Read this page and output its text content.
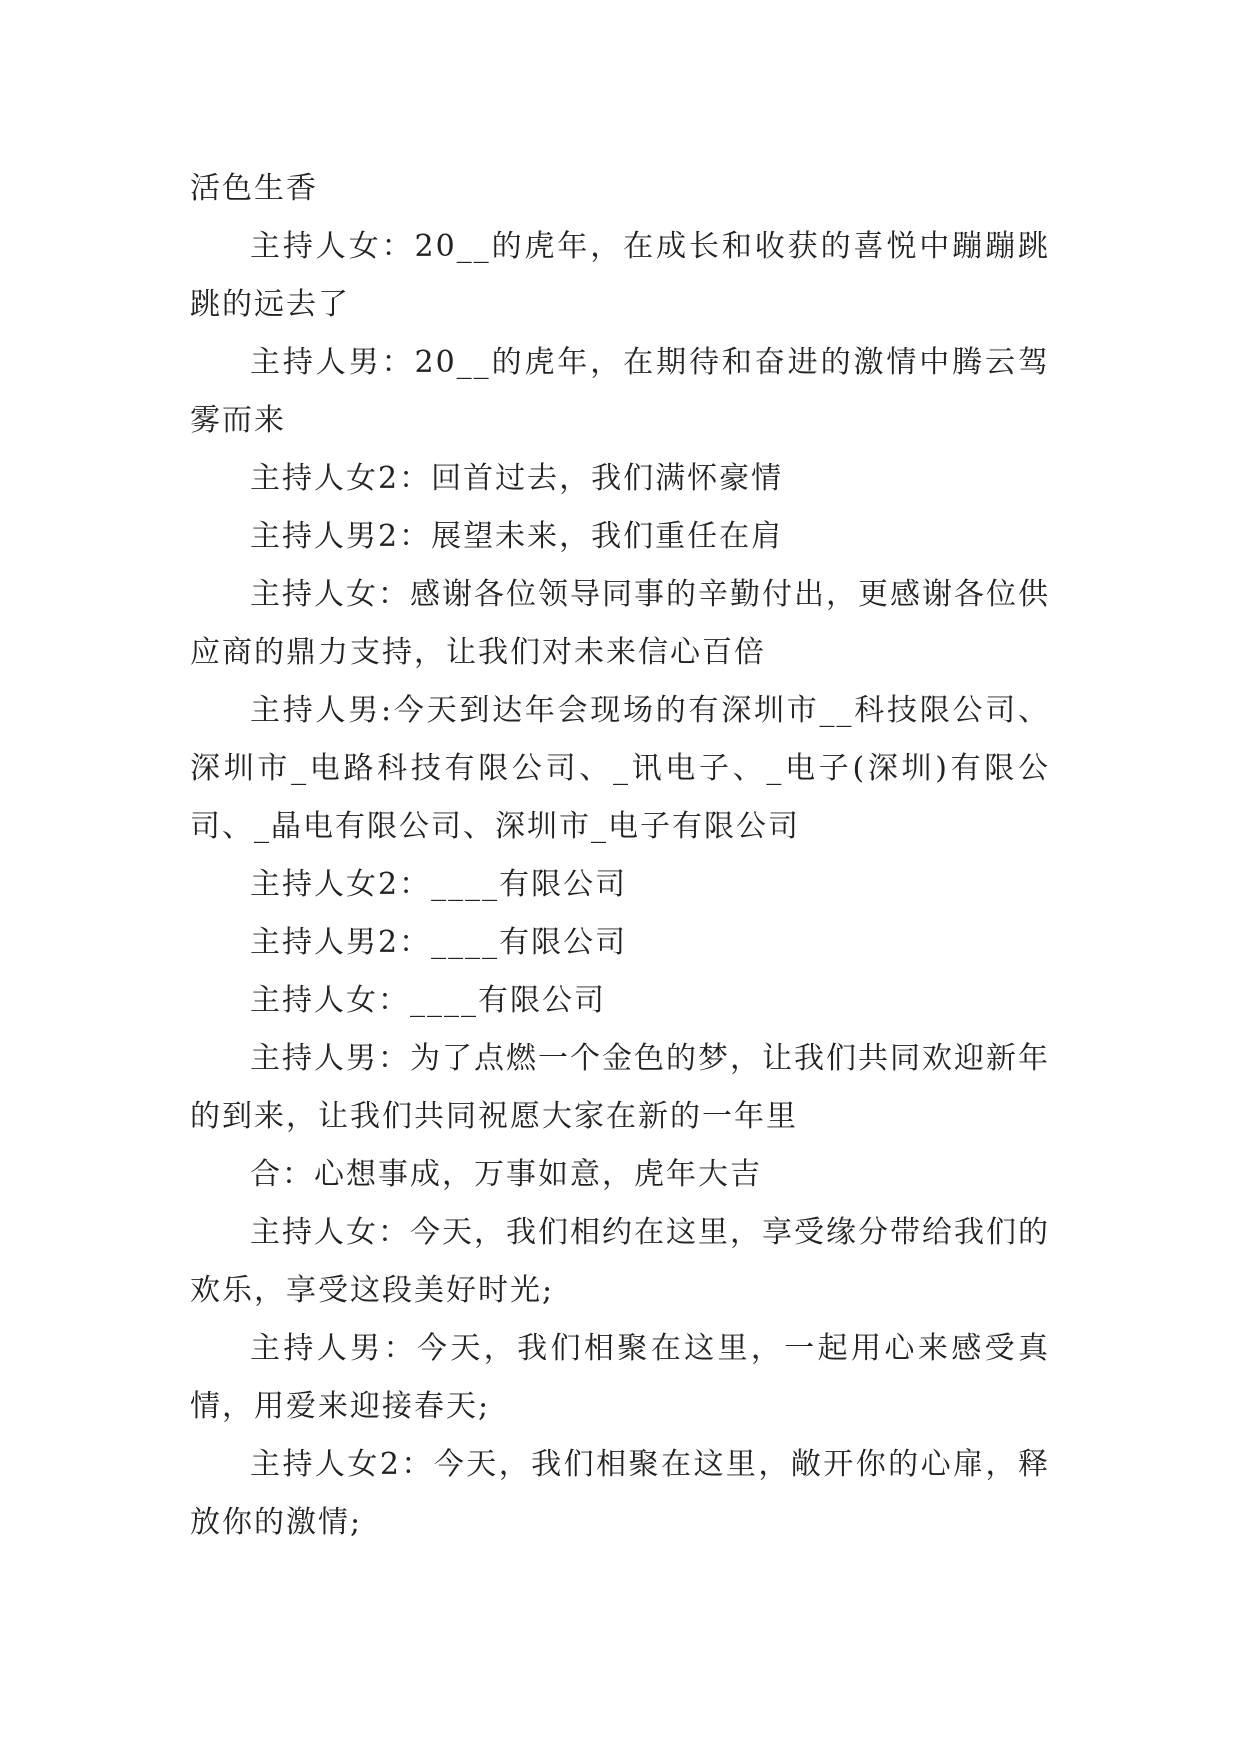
活色生香

主持人女：20__的虎年，在成长和收获的喜悦中蹦蹦跳跳的远去了

主持人男：20__的虎年，在期待和奋进的激情中腾云驾雾而来

主持人女2：回首过去，我们满怀豪情

主持人男2：展望未来，我们重任在肩

主持人女：感谢各位领导同事的辛勤付出，更感谢各位供应商的鼎力支持，让我们对未来信心百倍

主持人男:今天到达年会现场的有深圳市__科技限公司、深圳市_电路科技有限公司、_讯电子、_电子(深圳)有限公司、_晶电有限公司、深圳市_电子有限公司

主持人女2：____有限公司

主持人男2：____有限公司

主持人女：____有限公司

主持人男：为了点燃一个金色的梦，让我们共同欢迎新年的到来，让我们共同祝愿大家在新的一年里

合：心想事成，万事如意，虎年大吉

主持人女：今天，我们相约在这里，享受缘分带给我们的欢乐，享受这段美好时光;

主持人男：今天，我们相聚在这里，一起用心来感受真情，用爱来迎接春天;

主持人女2：今天，我们相聚在这里，敞开你的心扉，释放你的激情;
